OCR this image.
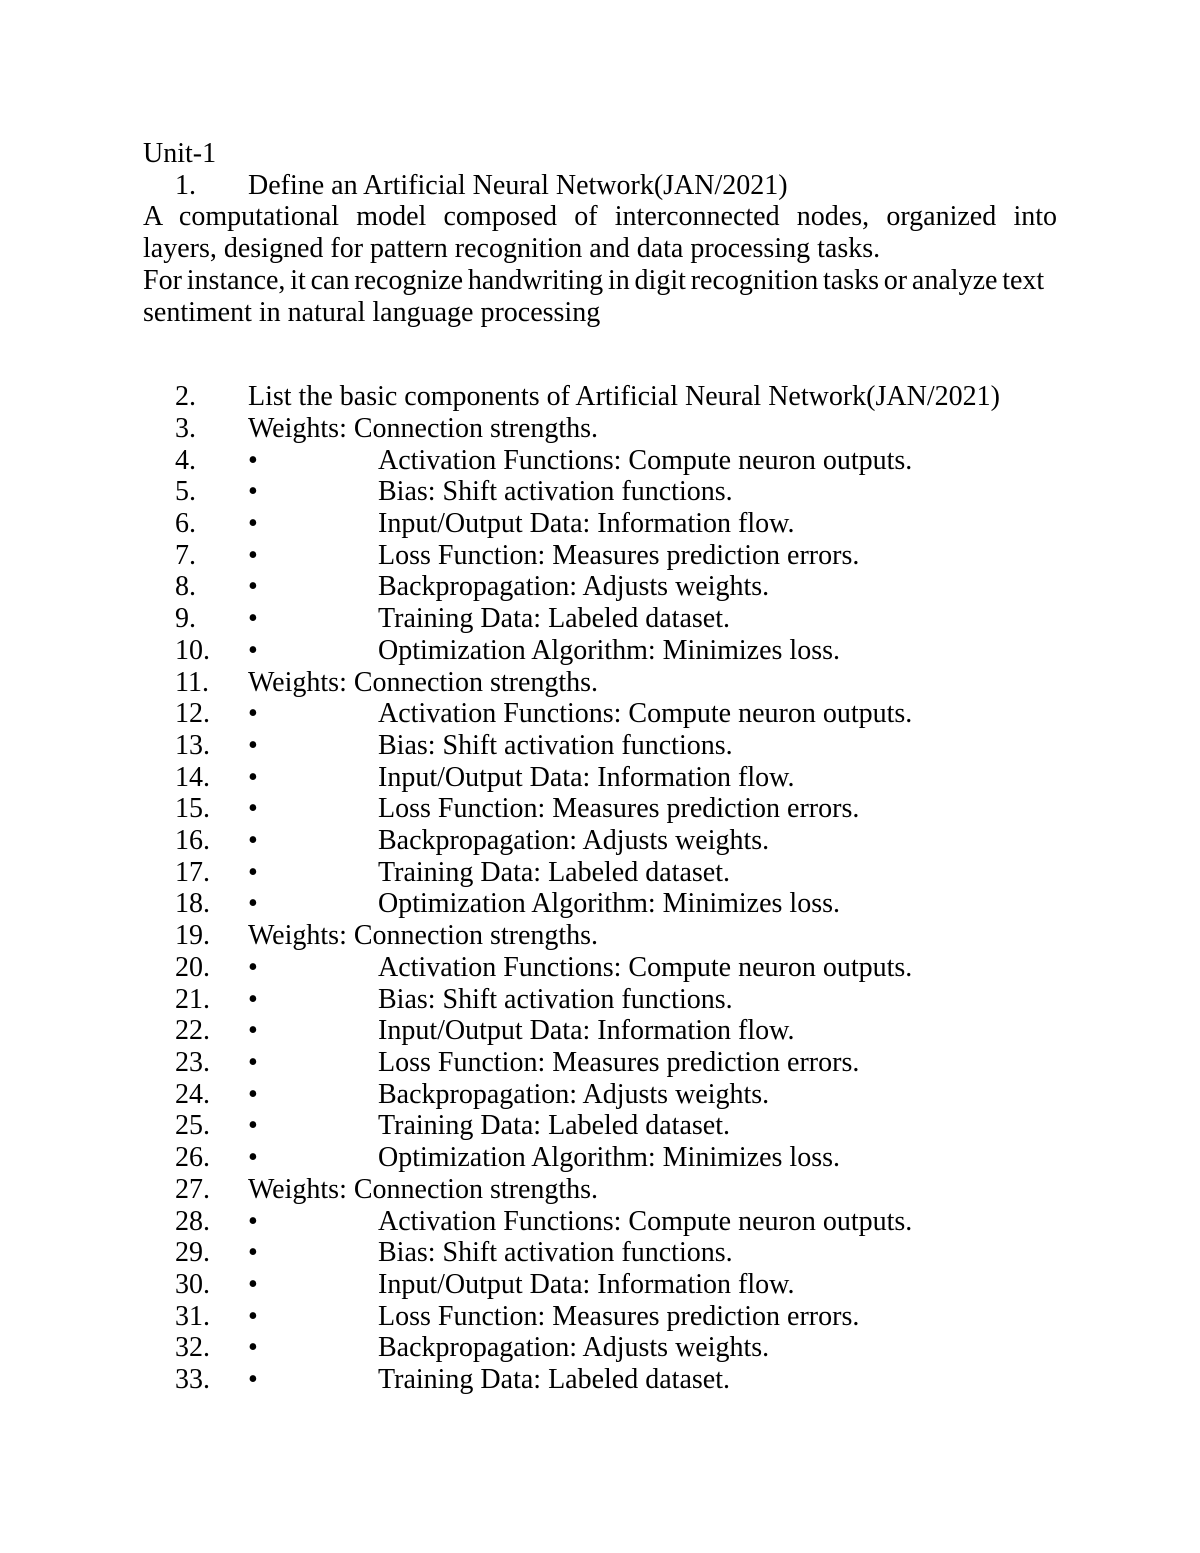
Unit-1
1.	Define an Artificial Neural Network(JAN/2021)
A computational model composed of interconnected nodes, organized into
layers, designed for pattern recognition and data processing tasks.
For instance, it can recognize handwriting in digit recognition tasks or analyze text
sentiment in natural language processing
2.	List the basic components of Artificial Neural Network(JAN/2021)
3.	Weights: Connection strengths.
4.	•	Activation Functions: Compute neuron outputs.
5.	•	Bias: Shift activation functions.
6.	•	Input/Output Data: Information flow.
7.	•	Loss Function: Measures prediction errors.
8.	•	Backpropagation: Adjusts weights.
9.	•	Training Data: Labeled dataset.
10.	•	Optimization Algorithm: Minimizes loss.
11.	Weights: Connection strengths.
12.	•	Activation Functions: Compute neuron outputs.
13.	•	Bias: Shift activation functions.
14.	•	Input/Output Data: Information flow.
15.	•	Loss Function: Measures prediction errors.
16.	•	Backpropagation: Adjusts weights.
17.	•	Training Data: Labeled dataset.
18.	•	Optimization Algorithm: Minimizes loss.
19.	Weights: Connection strengths.
20.	•	Activation Functions: Compute neuron outputs.
21.	•	Bias: Shift activation functions.
22.	•	Input/Output Data: Information flow.
23.	•	Loss Function: Measures prediction errors.
24.	•	Backpropagation: Adjusts weights.
25.	•	Training Data: Labeled dataset.
26.	•	Optimization Algorithm: Minimizes loss.
27.	Weights: Connection strengths.
28.	•	Activation Functions: Compute neuron outputs.
29.	•	Bias: Shift activation functions.
30.	•	Input/Output Data: Information flow.
31.	•	Loss Function: Measures prediction errors.
32.	•	Backpropagation: Adjusts weights.
33.	•	Training Data: Labeled dataset.
